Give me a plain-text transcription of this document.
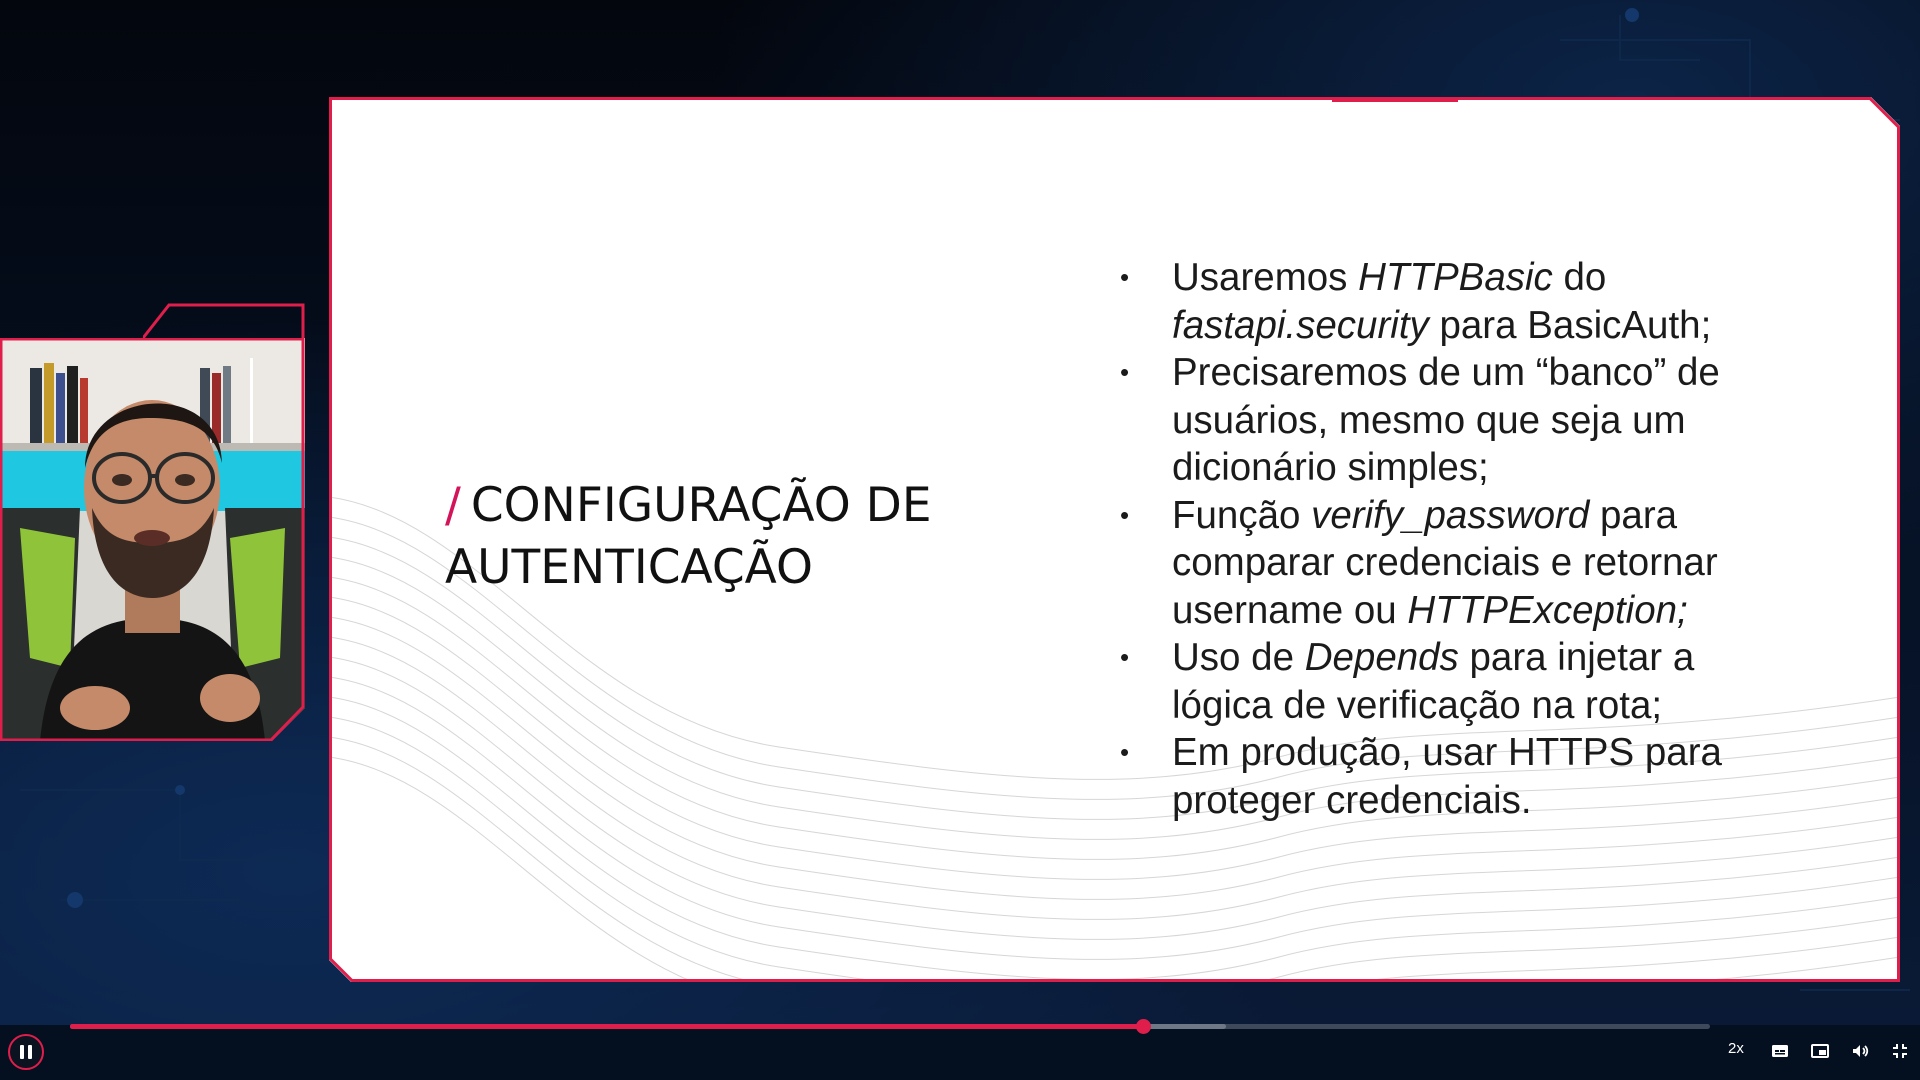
/ CONFIGURAÇÃO DE
AUTENTICAÇÃO
• Usaremos HTTPBasic do fastapi.security para BasicAuth;
• Precisaremos de um “banco” de usuários, mesmo que seja um dicionário simples;
• Função verify_password para comparar credenciais e retornar username ou HTTPException;
• Uso de Depends para injetar a lógica de verificação na rota;
• Em produção, usar HTTPS para proteger credenciais.
2x
